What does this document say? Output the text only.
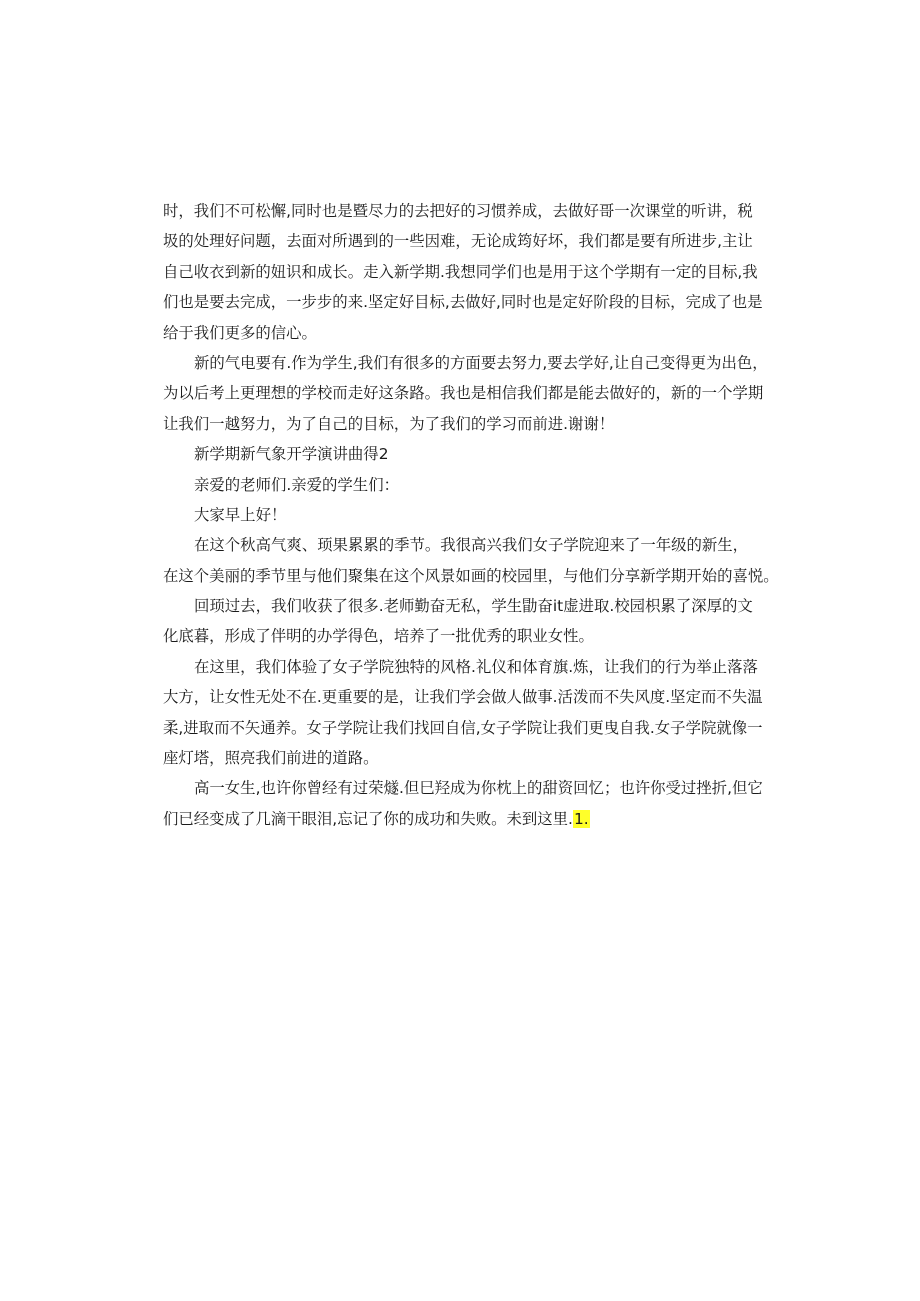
时，我们不可松懈,同时也是暨尽力的去把好的习惯养成，去做好哥一次课堂的听讲，税
圾的处理好问题，去面对所遇到的一些因难，无论成筠好坏，我们都是要有所进步,主让
自己收衣到新的妞识和成长。走入新学期.我想同学们也是用于这个学期有一定的目标,我
们也是要去完成，一步步的来.坚定好目标,去做好,同时也是定好阶段的目标，完成了也是
给于我们更多的信心。
新的气电要有.作为学生,我们有很多的方面要去努力,要去学好,让自己变得更为出色，
为以后考上更理想的学校而走好这条路。我也是相信我们都是能去做好的，新的一个学期
让我们一越努力，为了自己的目标，为了我们的学习而前进.谢谢！
新学期新气象开学演讲曲得2
亲爱的老师们.亲爱的学生们：
大家早上好！
在这个秋高气爽、顼果累累的季节。我很高兴我们女子学院迎来了一年级的新生，
在这个美丽的季节里与他们聚集在这个风景如画的校园里，与他们分享新学期开始的喜悦。
回顼过去，我们收获了很多.老师勤奋无私，学生勖奋it虚进取.校园枳累了深厚的文
化底暮，形成了伴明的办学得色，培养了一批优秀的职业女性。
在这里，我们体验了女子学院独特的风格.礼仪和体育旗.炼，让我们的行为举止落落
大方，让女性无处不在.更重要的是，让我们学会做人做事.活泼而不失风度.坚定而不失温
柔,进取而不矢通养。女子学院让我们找回自信,女子学院让我们更曳自我.女子学院就像一
座灯塔，照亮我们前进的道路。
高一女生,也许你曾经有过荣燧.但巳羟成为你枕上的甜资回忆；也许你受过挫折,但它
们已经变成了几滴干眼泪,忘记了你的成功和失败。未到这里.1.
